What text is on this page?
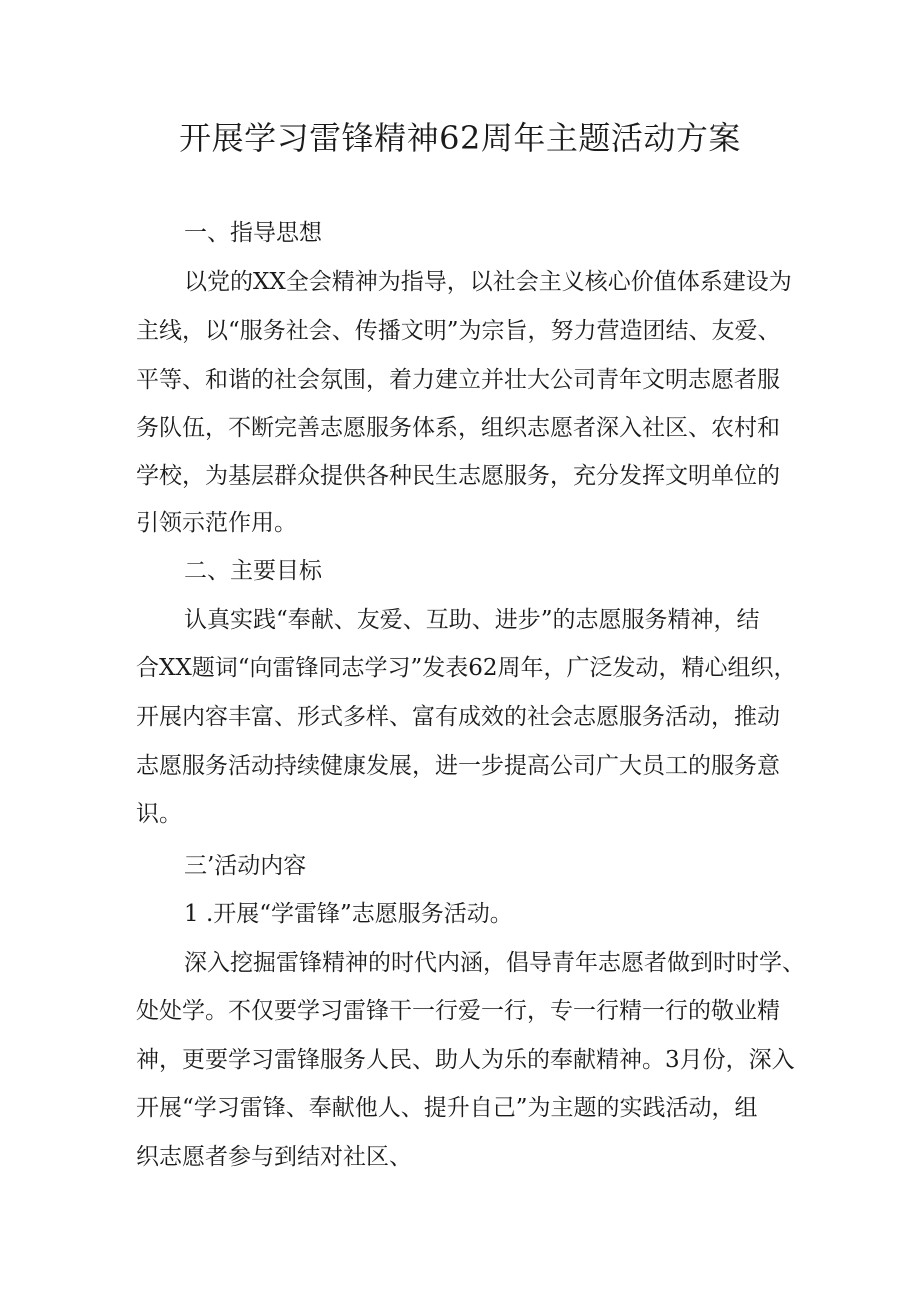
开展学习雷锋精神62周年主题活动方案

一、指导思想

以党的XX全会精神为指导，以社会主义核心价值体系建设为

主线，以“服务社会、传播文明”为宗旨，努力营造团结、友爱、

平等、和谐的社会氛围，着力建立并壮大公司青年文明志愿者服

务队伍，不断完善志愿服务体系，组织志愿者深入社区、农村和

学校，为基层群众提供各种民生志愿服务，充分发挥文明单位的

引领示范作用。

二、主要目标

认真实践“奉献、友爱、互助、进步”的志愿服务精神，结

合XX题词“向雷锋同志学习”发表62周年，广泛发动，精心组织，

开展内容丰富、形式多样、富有成效的社会志愿服务活动，推动

志愿服务活动持续健康发展，进一步提高公司广大员工的服务意

识。

三’活动内容

1 .开展“学雷锋”志愿服务活动。

深入挖掘雷锋精神的时代内涵，倡导青年志愿者做到时时学、

处处学。不仅要学习雷锋干一行爱一行，专一行精一行的敬业精

神，更要学习雷锋服务人民、助人为乐的奉献精神。3月份，深入

开展“学习雷锋、奉献他人、提升自己”为主题的实践活动，组

织志愿者参与到结对社区、
